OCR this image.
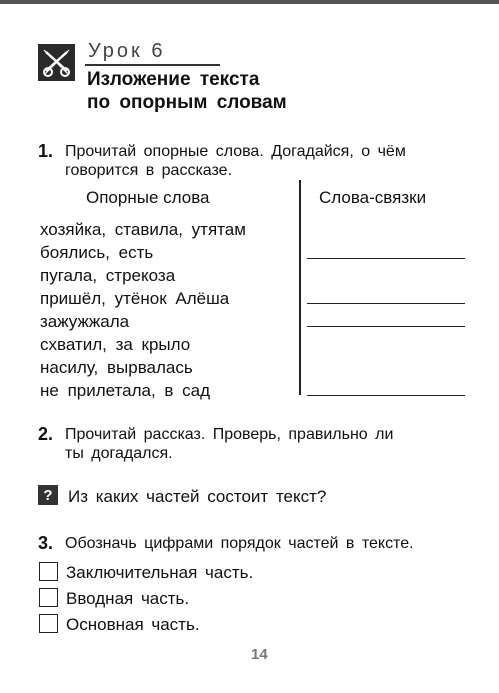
Урок 6
Изложение текста
по опорным словам
1. Прочитай опорные слова. Догадайся, о чём
говорится в рассказе.
Опорные слова	Слова-связки
хозяйка, ставила, утятам
боялись, есть
пугала, стрекоза
пришёл, утёнок Алёша
зажужжала
схватил, за крыло
насилу, вырвалась
не прилетала, в сад
2. Прочитай рассказ. Проверь, правильно ли
ты догадался.
? Из каких частей состоит текст?
3. Обозначь цифрами порядок частей в тексте.
Заключительная часть.
Вводная часть.
Основная часть.
14
